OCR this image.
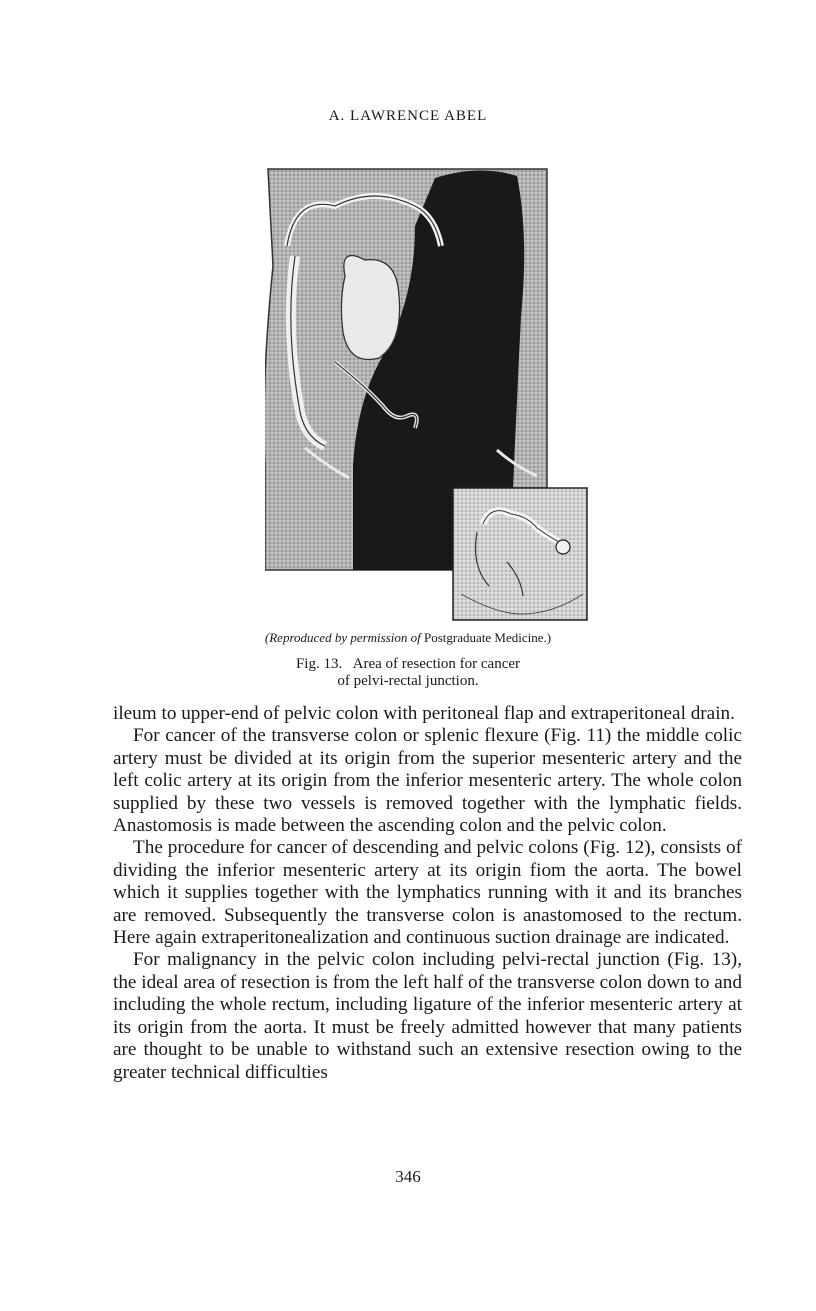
A. LAWRENCE ABEL
(Reproduced by permission of Postgraduate Medicine.)
Fig. 13.   Area of resection for cancer
of pelvi-rectal junction.

ileum to upper-end of pelvic colon with peritoneal flap and extraperitoneal drain.

For cancer of the transverse colon or splenic flexure (Fig. 11) the middle colic artery must be divided at its origin from the superior mesenteric artery and the left colic artery at its origin from the inferior mesenteric artery. The whole colon supplied by these two vessels is removed together with the lymphatic fields. Anastomosis is made between the ascending colon and the pelvic colon.

The procedure for cancer of descending and pelvic colons (Fig. 12), consists of dividing the inferior mesenteric artery at its origin fiom the aorta. The bowel which it supplies together with the lymphatics running with it and its branches are removed. Subsequently the transverse colon is anastomosed to the rectum. Here again extraperitonealization and continuous suction drainage are indicated.

For malignancy in the pelvic colon including pelvi-rectal junction (Fig. 13), the ideal area of resection is from the left half of the transverse colon down to and including the whole rectum, including ligature of the inferior mesenteric artery at its origin from the aorta. It must be freely admitted however that many patients are thought to be unable to withstand such an extensive resection owing to the greater technical difficulties

346
